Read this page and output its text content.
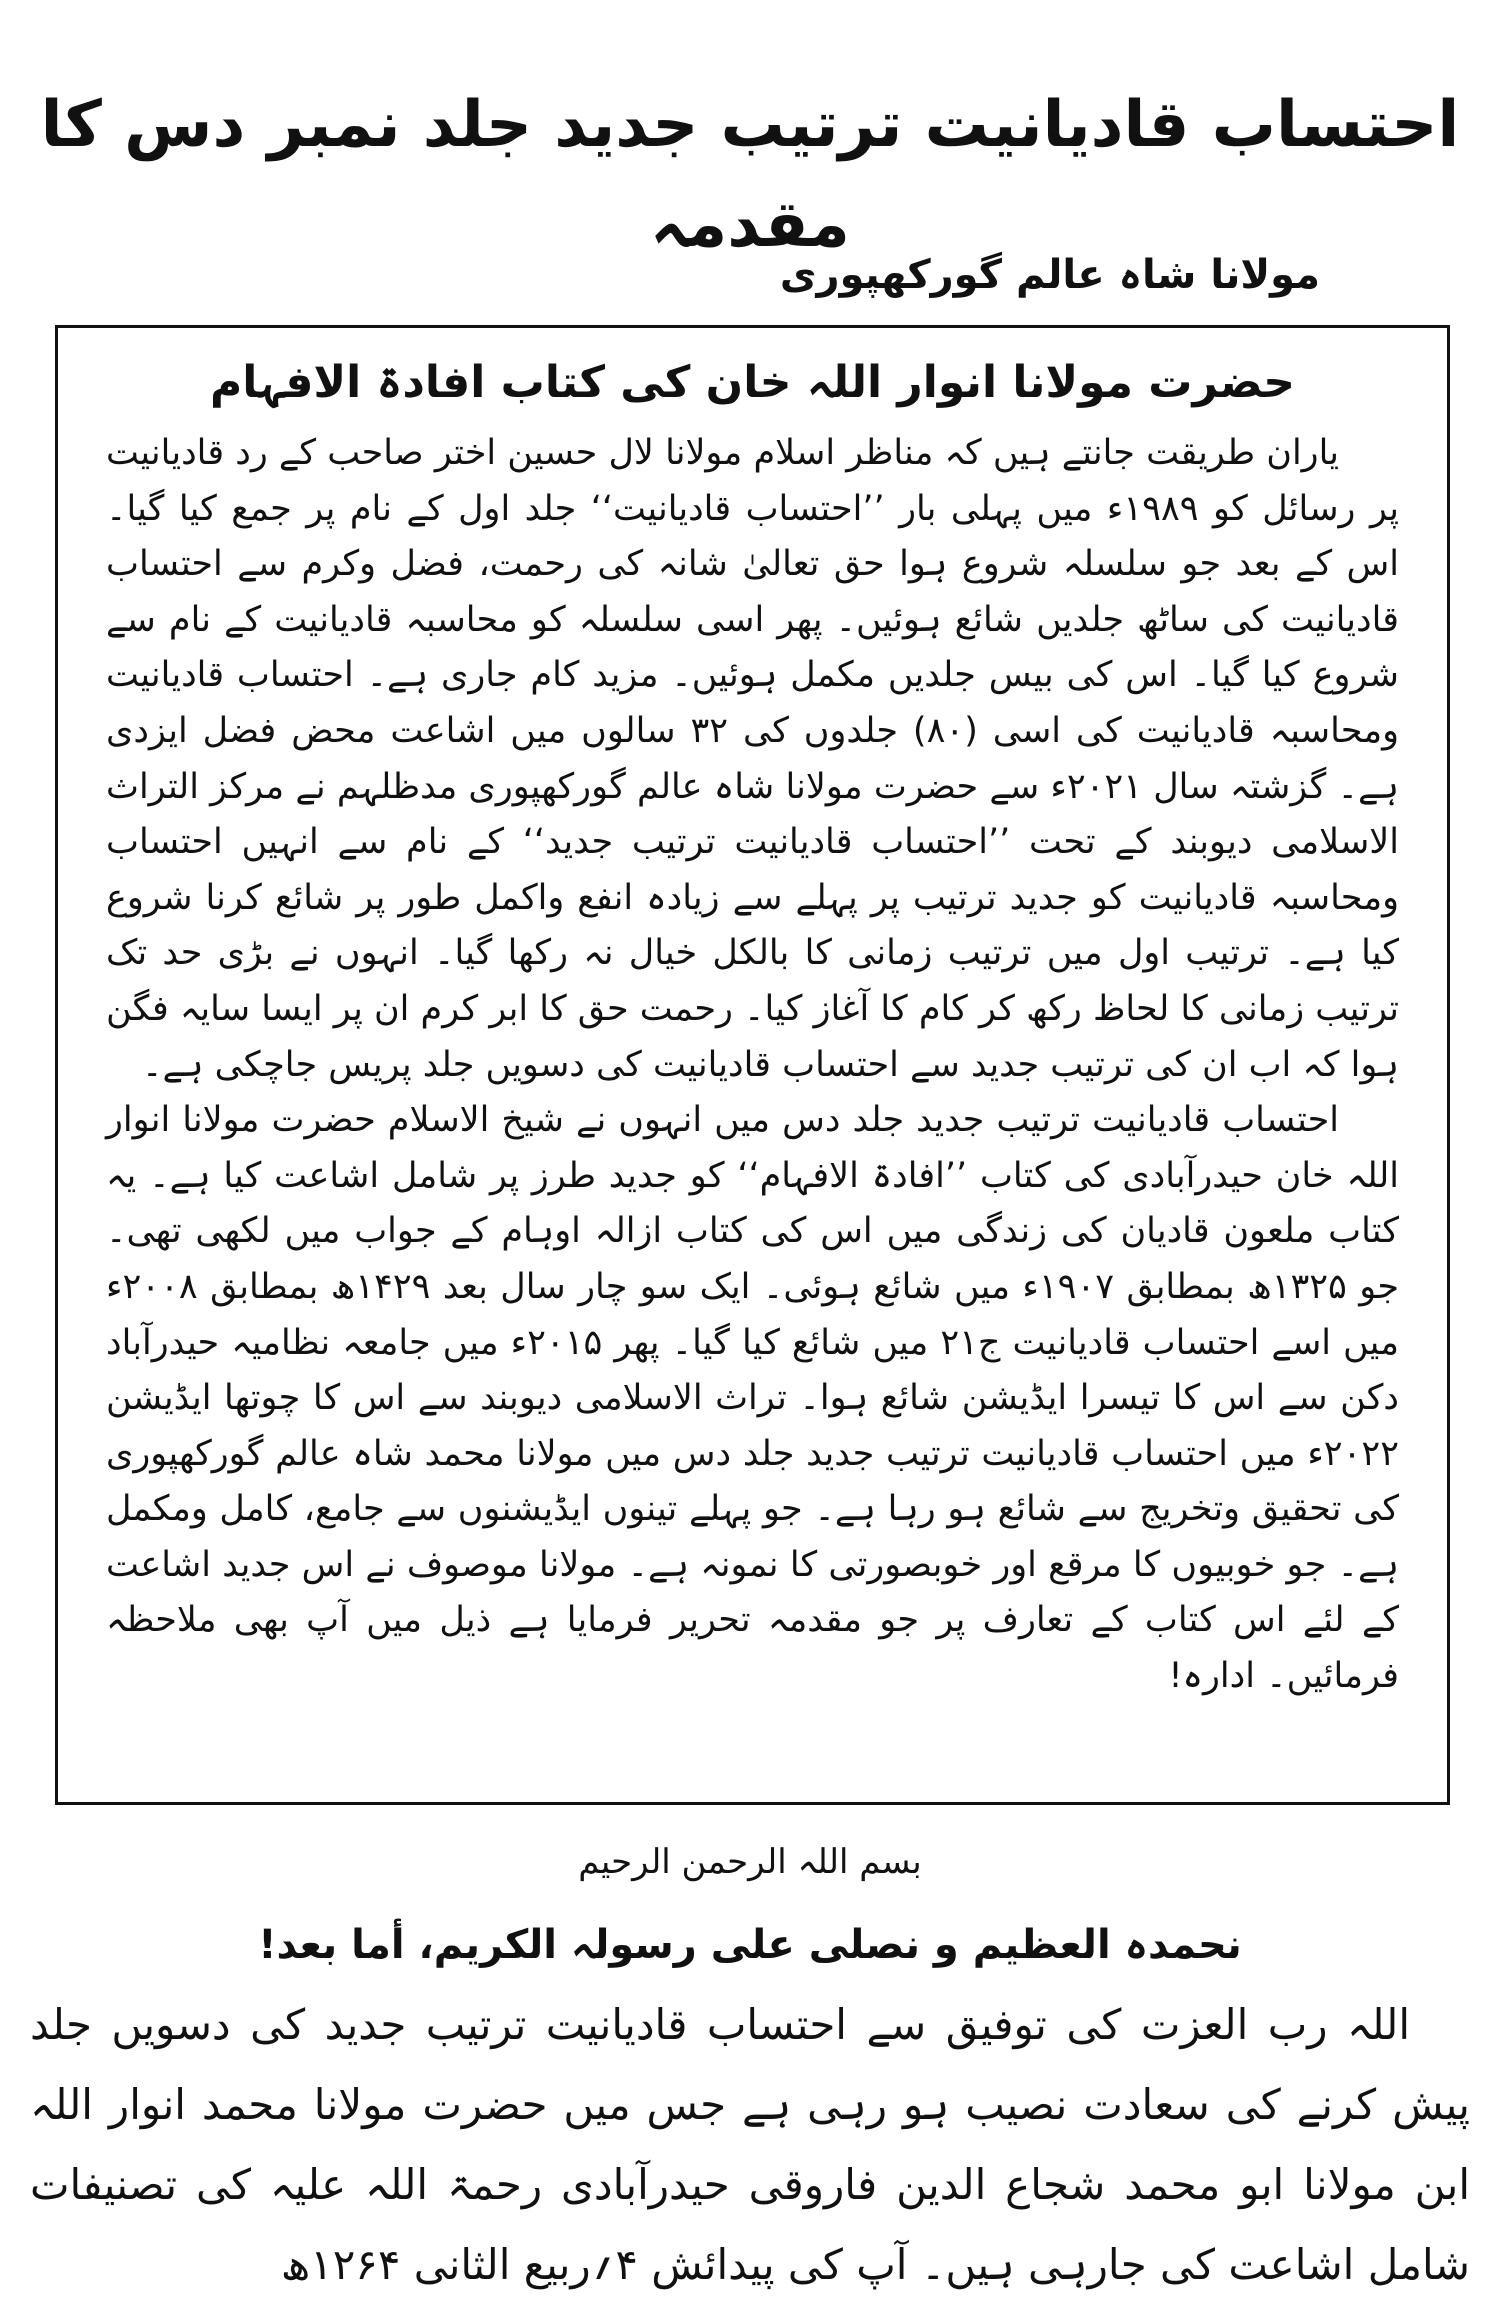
احتساب قادیانیت ترتیب جدید جلد نمبر دس کا مقدمہ

مولانا شاہ عالم گورکھپوری

حضرت مولانا انوار اللہ خان کی کتاب افادۃ الافہام

یاران طریقت جانتے ہیں کہ مناظر اسلام مولانا لال حسین اختر صاحب کے رد قادیانیت پر رسائل کو ۱۹۸۹ء میں پہلی بار ’’احتساب قادیانیت‘‘ جلد اول کے نام پر جمع کیا گیا۔ اس کے بعد جو سلسلہ شروع ہوا حق تعالیٰ شانہ کی رحمت، فضل وکرم سے احتساب قادیانیت کی ساٹھ جلدیں شائع ہوئیں۔ پھر اسی سلسلہ کو محاسبہ قادیانیت کے نام سے شروع کیا گیا۔ اس کی بیس جلدیں مکمل ہوئیں۔ مزید کام جاری ہے۔ احتساب قادیانیت ومحاسبہ قادیانیت کی اسی (۸۰) جلدوں کی ۳۲ سالوں میں اشاعت محض فضل ایزدی ہے۔ گزشتہ سال ۲۰۲۱ء سے حضرت مولانا شاہ عالم گورکھپوری مدظلہم نے مرکز التراث الاسلامی دیوبند کے تحت ’’احتساب قادیانیت ترتیب جدید‘‘ کے نام سے انہیں احتساب ومحاسبہ قادیانیت کو جدید ترتیب پر پہلے سے زیادہ انفع واکمل طور پر شائع کرنا شروع کیا ہے۔ ترتیب اول میں ترتیب زمانی کا بالکل خیال نہ رکھا گیا۔ انہوں نے بڑی حد تک ترتیب زمانی کا لحاظ رکھ کر کام کا آغاز کیا۔ رحمت حق کا ابر کرم ان پر ایسا سایہ فگن ہوا کہ اب ان کی ترتیب جدید سے احتساب قادیانیت کی دسویں جلد پریس جاچکی ہے۔

احتساب قادیانیت ترتیب جدید جلد دس میں انہوں نے شیخ الاسلام حضرت مولانا انوار اللہ خان حیدرآبادی کی کتاب ’’افادۃ الافہام‘‘ کو جدید طرز پر شامل اشاعت کیا ہے۔ یہ کتاب ملعون قادیان کی زندگی میں اس کی کتاب ازالہ اوہام کے جواب میں لکھی تھی۔ جو ۱۳۲۵ھ بمطابق ۱۹۰۷ء میں شائع ہوئی۔ ایک سو چار سال بعد ۱۴۲۹ھ بمطابق ۲۰۰۸ء میں اسے احتساب قادیانیت ج۲۱ میں شائع کیا گیا۔ پھر ۲۰۱۵ء میں جامعہ نظامیہ حیدرآباد دکن سے اس کا تیسرا ایڈیشن شائع ہوا۔ تراث الاسلامی دیوبند سے اس کا چوتھا ایڈیشن ۲۰۲۲ء میں احتساب قادیانیت ترتیب جدید جلد دس میں مولانا محمد شاہ عالم گورکھپوری کی تحقیق وتخریج سے شائع ہو رہا ہے۔ جو پہلے تینوں ایڈیشنوں سے جامع، کامل ومکمل ہے۔ جو خوبیوں کا مرقع اور خوبصورتی کا نمونہ ہے۔ مولانا موصوف نے اس جدید اشاعت کے لئے اس کتاب کے تعارف پر جو مقدمہ تحریر فرمایا ہے ذیل میں آپ بھی ملاحظہ فرمائیں۔ ادارہ!

بسم اللہ الرحمن الرحیم

نحمدہ العظیم و نصلی علی رسولہ الکریم، أما بعد!

اللہ رب العزت کی توفیق سے احتساب قادیانیت ترتیب جدید کی دسویں جلد پیش کرنے کی سعادت نصیب ہو رہی ہے جس میں حضرت مولانا محمد انوار اللہ ابن مولانا ابو محمد شجاع الدین فاروقی حیدرآبادی رحمۃ اللہ علیہ کی تصنیفات شامل اشاعت کی جارہی ہیں۔ آپ کی پیدائش ۴؍ربیع الثانی ۱۲۶۴ھ
